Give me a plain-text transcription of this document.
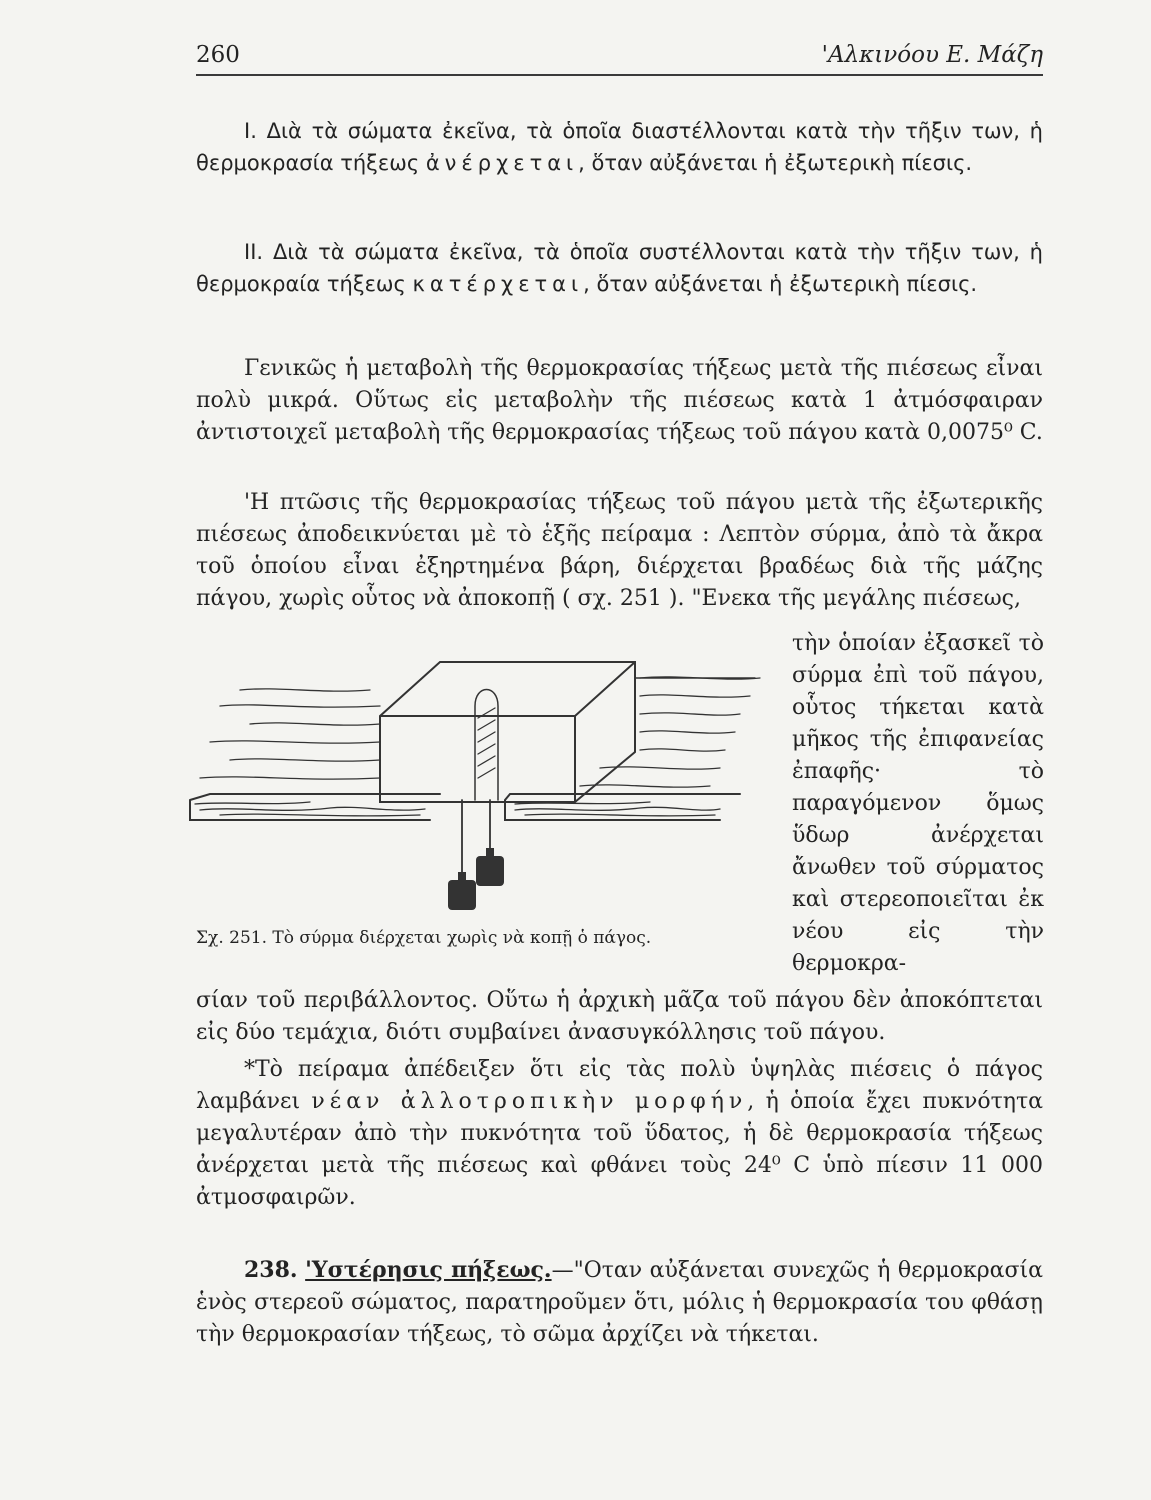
260	'Αλκινόου Ε. Μάζη

I. Διὰ τὰ σώματα ἐκεῖνα, τὰ ὁποῖα διαστέλλονται κατὰ τὴν τῆξιν των, ἡ θερμοκρασία τήξεως ἀνέρχεται, ὅταν αὐξάνεται ἡ ἐξωτερικὴ πίεσις.

II. Διὰ τὰ σώματα ἐκεῖνα, τὰ ὁποῖα συστέλλονται κατὰ τὴν τῆξιν των, ἡ θερμοκραία τήξεως κατέρχεται, ὅταν αὐξάνεται ἡ ἐξωτερικὴ πίεσις.

Γενικῶς ἡ μεταβολὴ τῆς θερμοκρασίας τήξεως μετὰ τῆς πιέσεως εἶναι πολὺ μικρά. Οὕτως εἰς μεταβολὴν τῆς πιέσεως κατὰ 1 ἀτμόσφαιραν ἀντιστοιχεῖ μεταβολὴ τῆς θερμοκρασίας τήξεως τοῦ πάγου κατὰ 0,0075⁰ C.

'Η πτῶσις τῆς θερμοκρασίας τήξεως τοῦ πάγου μετὰ τῆς ἐξωτερικῆς πιέσεως ἀποδεικνύεται μὲ τὸ ἑξῆς πείραμα : Λεπτὸν σύρμα, ἀπὸ τὰ ἄκρα τοῦ ὁποίου εἶναι ἐξηρτημένα βάρη, διέρχεται βραδέως διὰ τῆς μάζης πάγου, χωρὶς οὗτος νὰ ἀποκοπῇ ( σχ. 251 ). "Ενεκα τῆς μεγάλης πιέσεως,

Σχ. 251. Τὸ σύρμα διέρχεται χωρὶς νὰ κοπῇ ὁ πάγος.

τὴν ὁποίαν ἐξασκεῖ τὸ σύρμα ἐπὶ τοῦ πάγου, οὗτος τήκεται κατὰ μῆκος τῆς ἐπιφανείας ἐπαφῆς· τὸ παραγόμενον ὅμως ὕδωρ ἀνέρχεται ἄνωθεν τοῦ σύρματος καὶ στερεοποιεῖται ἐκ νέου εἰς τὴν θερμοκρα-

σίαν τοῦ περιβάλλοντος. Οὕτω ἡ ἀρχικὴ μᾶζα τοῦ πάγου δὲν ἀποκόπτεται εἰς δύο τεμάχια, διότι συμβαίνει ἀνασυγκόλλησις τοῦ πάγου.

*Τὸ πείραμα ἀπέδειξεν ὅτι εἰς τὰς πολὺ ὑψηλὰς πιέσεις ὁ πάγος λαμβάνει νέαν ἀλλοτροπικὴν μορφήν, ἡ ὁποία ἔχει πυκνότητα μεγαλυτέραν ἀπὸ τὴν πυκνότητα τοῦ ὕδατος, ἡ δὲ θερμοκρασία τήξεως ἀνέρχεται μετὰ τῆς πιέσεως καὶ φθάνει τοὺς 24⁰ C ὑπὸ πίεσιν 11 000 ἀτμοσφαιρῶν.

238. 'Υστέρησις πήξεως.—"Οταν αὐξάνεται συνεχῶς ἡ θερμοκρασία ἑνὸς στερεοῦ σώματος, παρατηροῦμεν ὅτι, μόλις ἡ θερμοκρασία του φθάσῃ τὴν θερμοκρασίαν τήξεως, τὸ σῶμα ἀρχίζει νὰ τήκεται.
